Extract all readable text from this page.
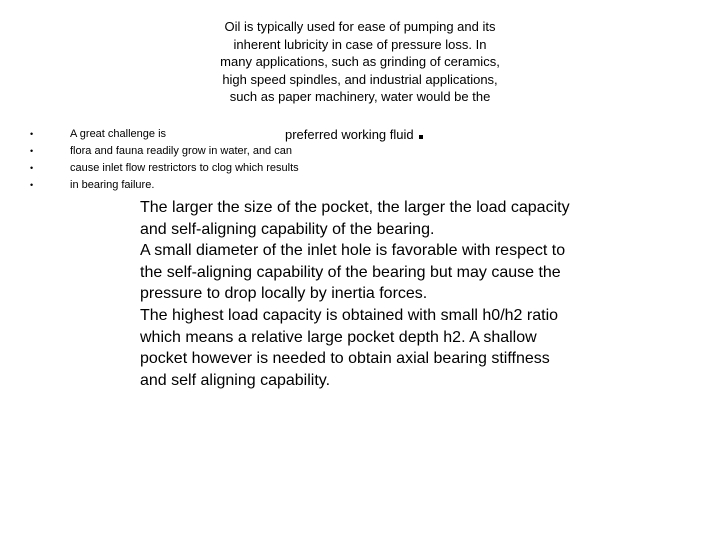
Oil is typically used for ease of pumping and its
inherent lubricity in case of pressure loss. In
many applications, such as grinding of ceramics,
high speed spindles, and industrial applications,
such as paper machinery, water would be the
preferred working fluid
•	A great challenge is
•	flora and fauna readily grow in water, and can
•	cause inlet flow restrictors to clog which results
•	in bearing failure.
The larger the size of the pocket, the larger the load capacity
and self-aligning capability of the bearing.
A small diameter of the inlet hole is favorable with respect to
the self-aligning capability of the bearing but may cause the
pressure to drop locally by inertia forces.
The highest load capacity is obtained with small h0/h2 ratio
which means a relative large pocket depth h2. A shallow
pocket however is needed to obtain axial bearing stiffness
and self aligning capability.
